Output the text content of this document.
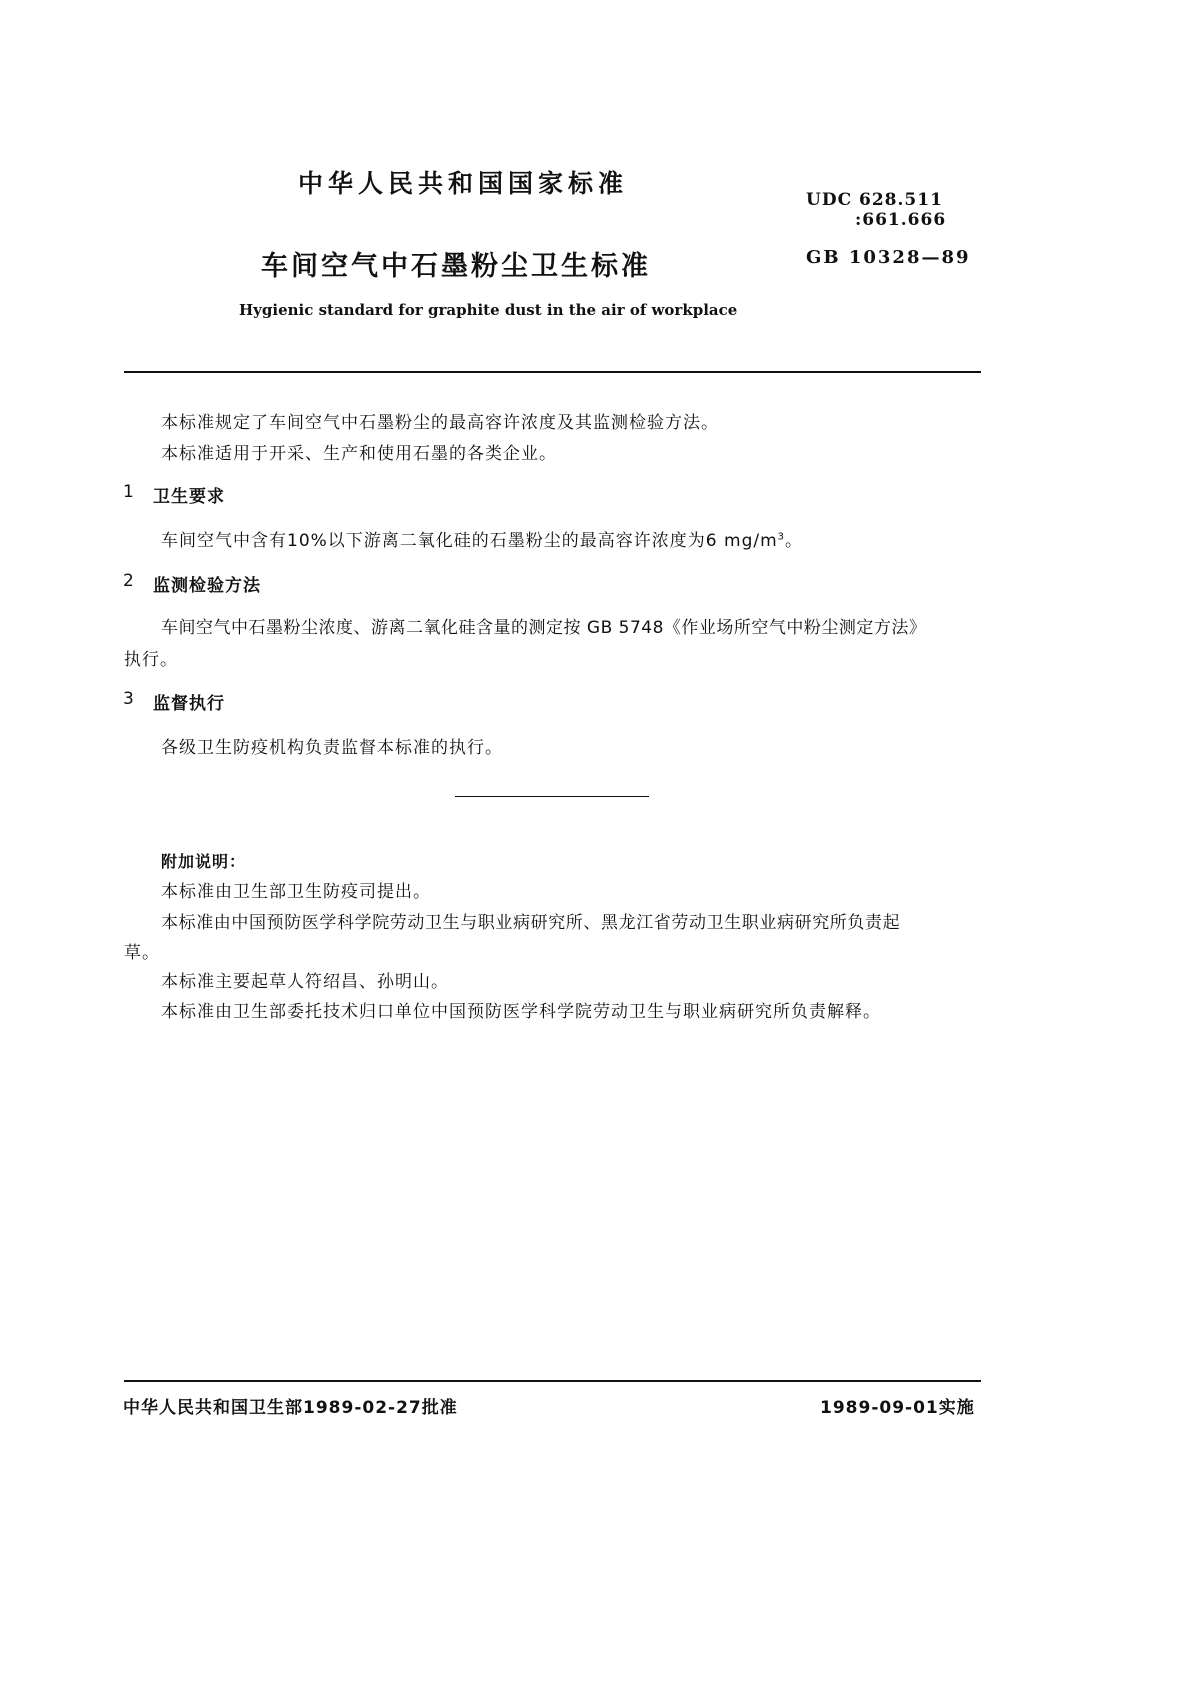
中华人民共和国国家标准
UDC 628.511
:661.666
车间空气中石墨粉尘卫生标准	GB 10328—89
Hygienic standard for graphite dust in the air of workplace
本标准规定了车间空气中石墨粉尘的最高容许浓度及其监测检验方法。
本标准适用于开采、生产和使用石墨的各类企业。
1 卫生要求
车间空气中含有10%以下游离二氧化硅的石墨粉尘的最高容许浓度为6 $mg/m^3$。
2 监测检验方法
车间空气中石墨粉尘浓度、游离二氧化硅含量的测定按 GB 5748《作业场所空气中粉尘测定方法》
执行。
3 监督执行
各级卫生防疫机构负责监督本标准的执行。
附加说明：
本标准由卫生部卫生防疫司提出。
本标准由中国预防医学科学院劳动卫生与职业病研究所、黑龙江省劳动卫生职业病研究所负责起
草。
本标准主要起草人符绍昌、孙明山。
本标准由卫生部委托技术归口单位中国预防医学科学院劳动卫生与职业病研究所负责解释。
中华人民共和国卫生部1989-02-27批准	1989-09-01实施
